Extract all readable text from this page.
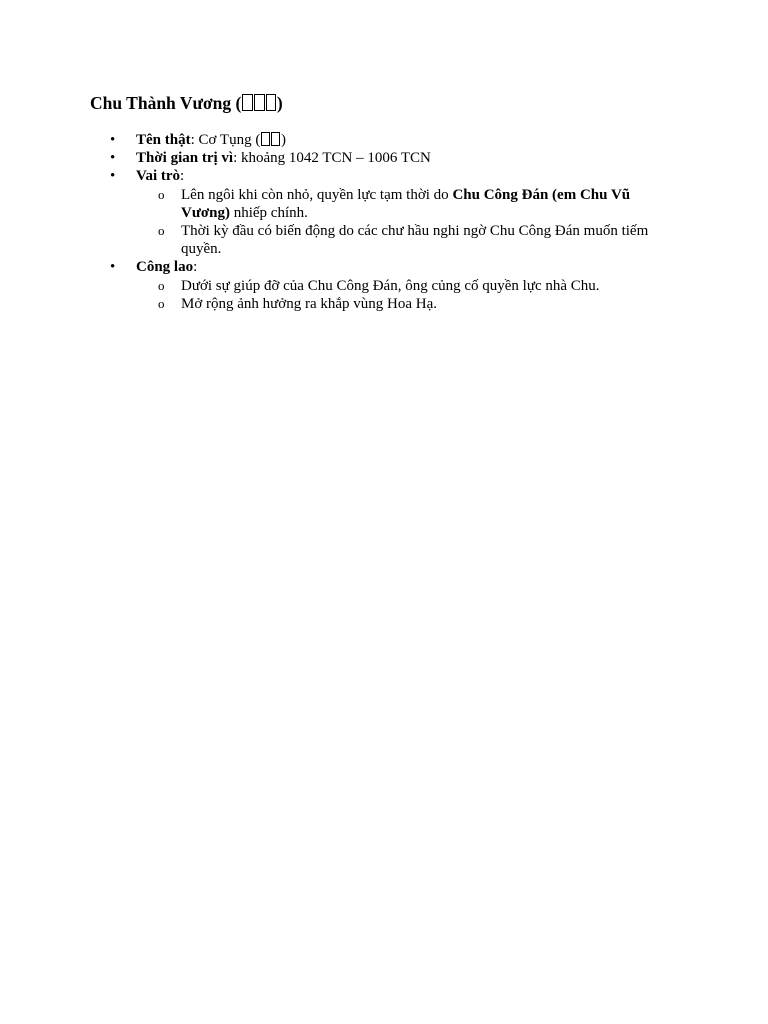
Chu Thành Vương ( )
• Tên thật: Cơ Tụng ( )
• Thời gian trị vì: khoảng 1042 TCN – 1006 TCN
• Vai trò:
o Lên ngôi khi còn nhỏ, quyền lực tạm thời do Chu Công Đán (em Chu Vũ Vương) nhiếp chính.
o Thời kỳ đầu có biến động do các chư hầu nghi ngờ Chu Công Đán muốn tiếm quyền.
• Công lao:
o Dưới sự giúp đỡ của Chu Công Đán, ông củng cố quyền lực nhà Chu.
o Mở rộng ảnh hưởng ra khắp vùng Hoa Hạ.
